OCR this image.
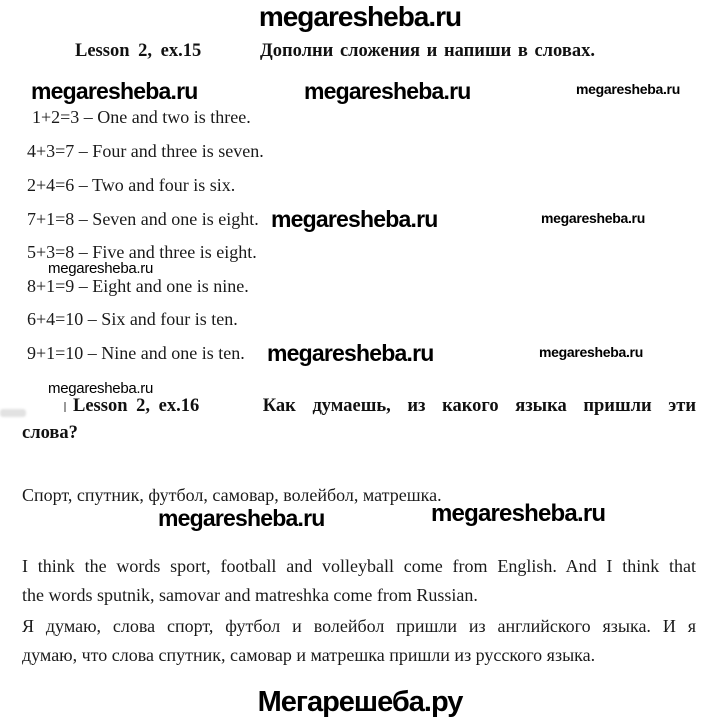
megaresheba.ru
Lesson 2, ex.15	Дополни сложения и напиши в словах.
megaresheba.ru	megaresheba.ru	megaresheba.ru
1+2=3 – One and two is three.
4+3=7 – Four and three is seven.
2+4=6 – Two and four is six.
7+1=8 – Seven and one is eight.
5+3=8 – Five and three is eight.
8+1=9 – Eight and one is nine.
6+4=10 – Six and four is ten.
9+1=10 – Nine and one is ten.
megaresheba.ru	megaresheba.ru
megaresheba.ru
megaresheba.ru	megaresheba.ru
megaresheba.ru
Lesson 2, ex.16	Как думаешь, из какого языка пришли эти
слова?
Спорт, спутник, футбол, самовар, волейбол, матрешка.
megaresheba.ru	megaresheba.ru
I think the words sport, football and volleyball come from English. And I think that
the words sputnik, samovar and matreshka come from Russian.
Я думаю, слова спорт, футбол и волейбол пришли из английского языка. И я
думаю, что слова спутник, самовар и матрешка пришли из русского языка.
Мегарешеба.ру
